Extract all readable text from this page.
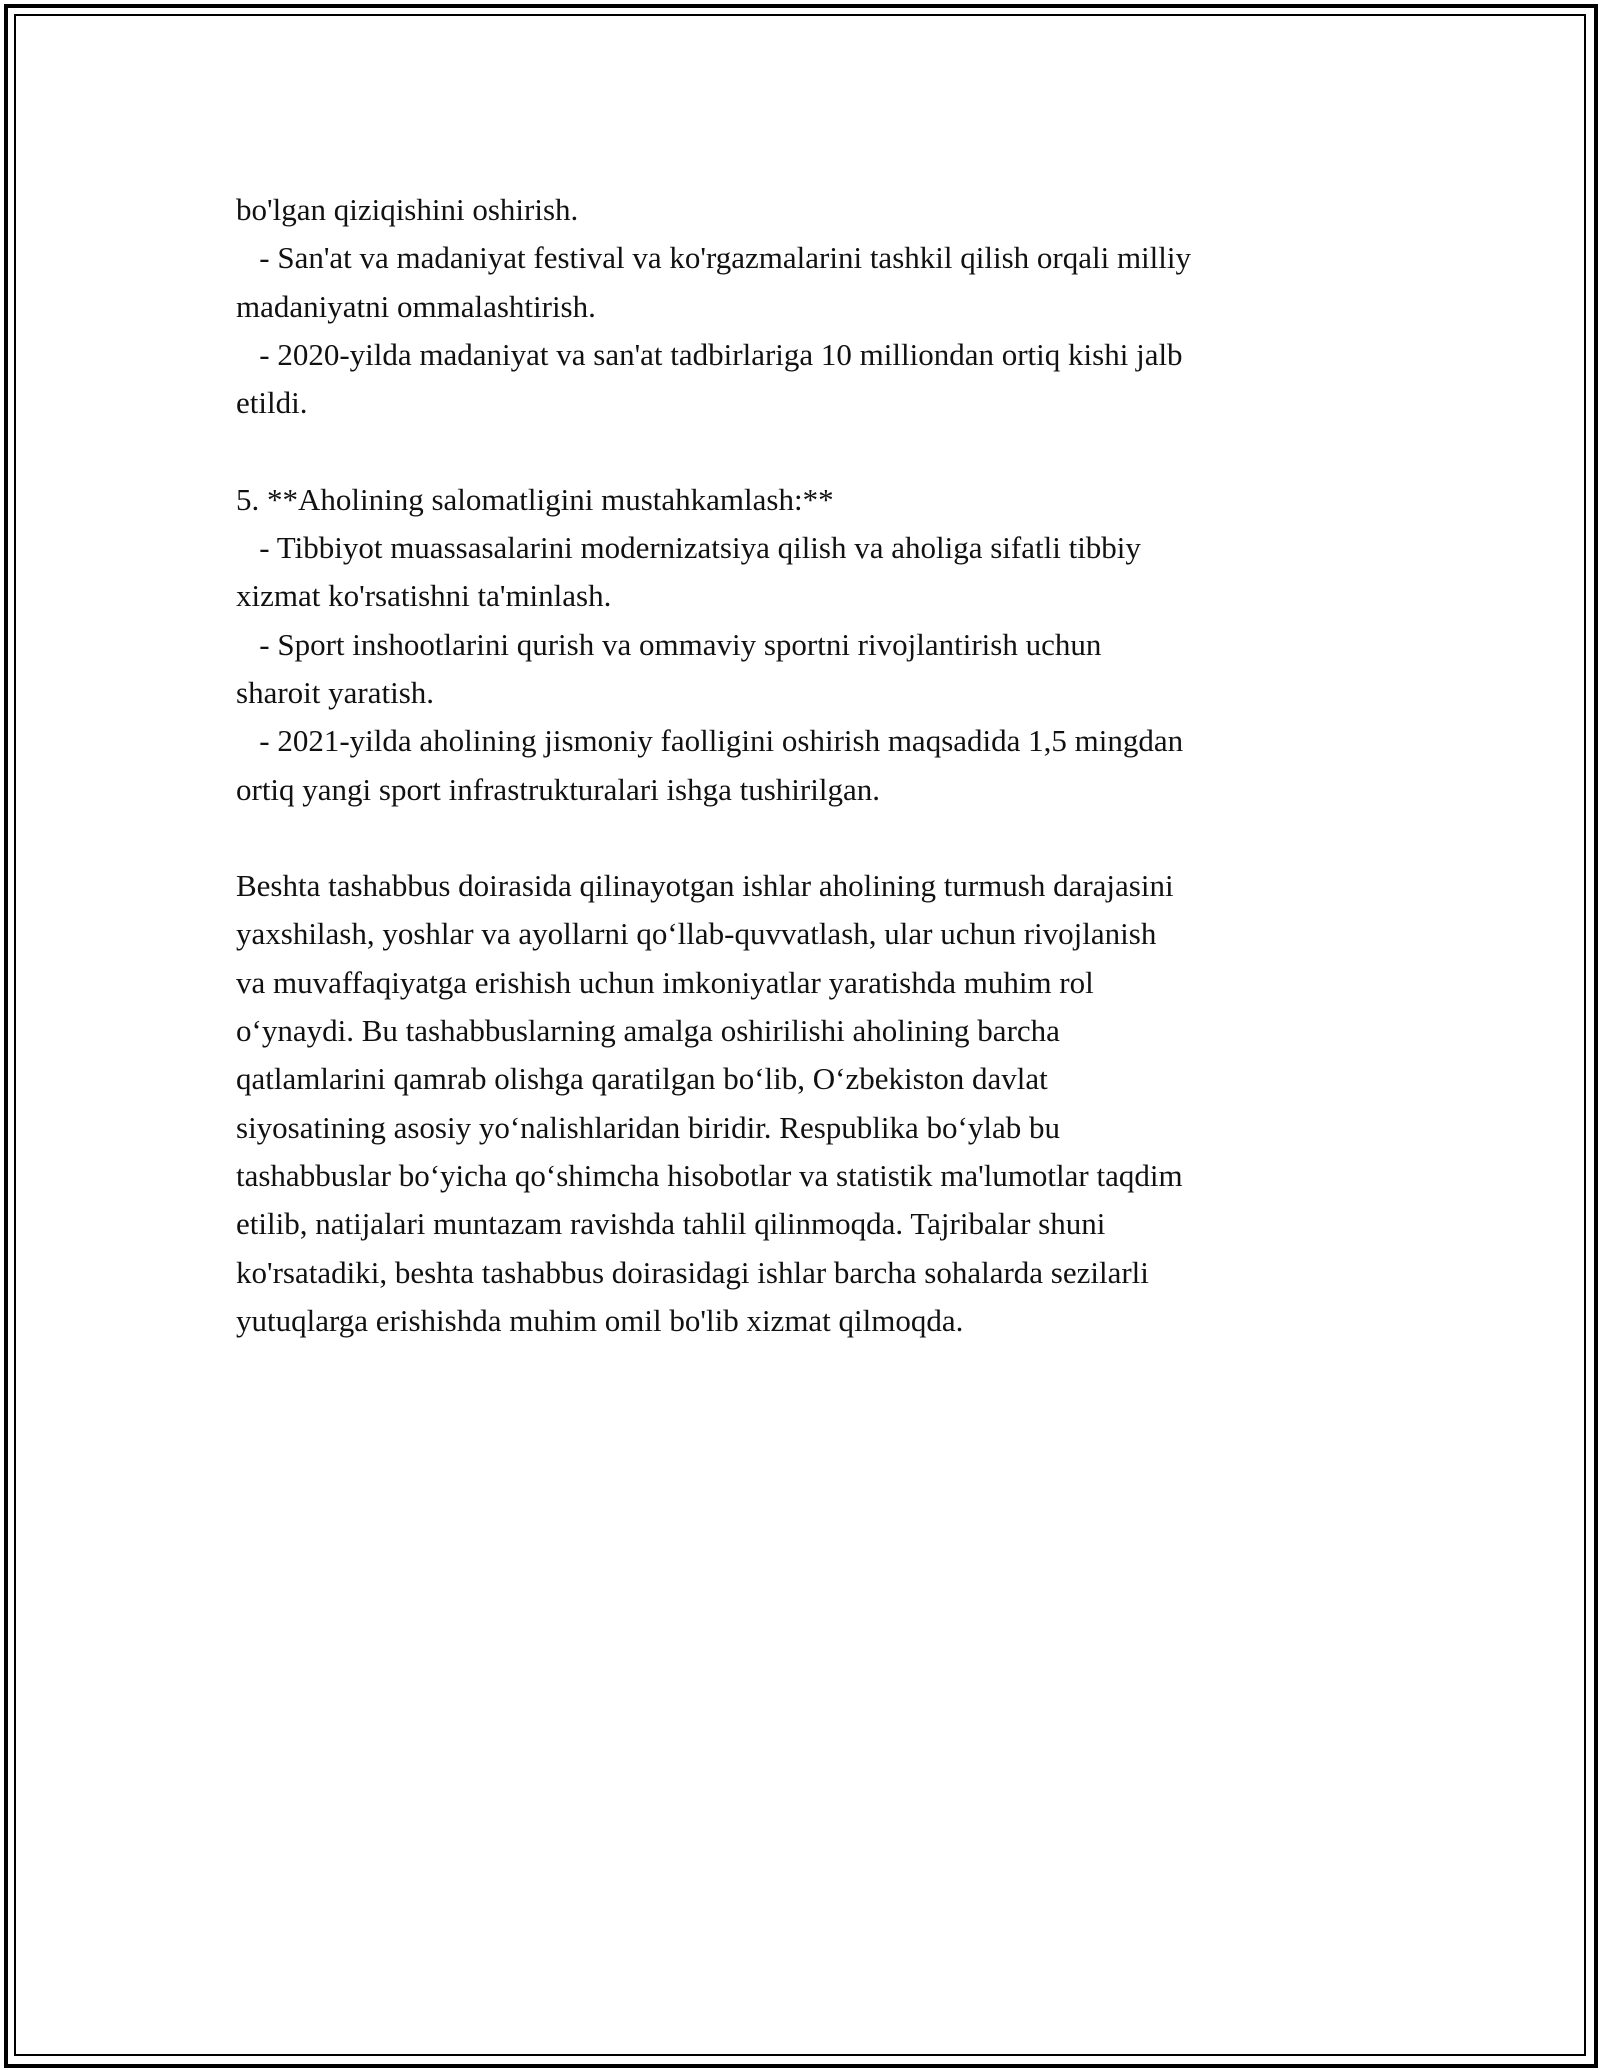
bo'lgan qiziqishini oshirish.
- San'at va madaniyat festival va ko'rgazmalarini tashkil qilish orqali milliy
madaniyatni ommalashtirish.
- 2020-yilda madaniyat va san'at tadbirlariga 10 milliondan ortiq kishi jalb
etildi.
5. **Aholining salomatligini mustahkamlash:**
- Tibbiyot muassasalarini modernizatsiya qilish va aholiga sifatli tibbiy
xizmat ko'rsatishni ta'minlash.
- Sport inshootlarini qurish va ommaviy sportni rivojlantirish uchun
sharoit yaratish.
- 2021-yilda aholining jismoniy faolligini oshirish maqsadida 1,5 mingdan
ortiq yangi sport infrastrukturalari ishga tushirilgan.
Beshta tashabbus doirasida qilinayotgan ishlar aholining turmush darajasini
yaxshilash, yoshlar va ayollarni qo‘llab-quvvatlash, ular uchun rivojlanish
va muvaffaqiyatga erishish uchun imkoniyatlar yaratishda muhim rol
o‘ynaydi. Bu tashabbuslarning amalga oshirilishi aholining barcha
qatlamlarini qamrab olishga qaratilgan bo‘lib, O‘zbekiston davlat
siyosatining asosiy yo‘nalishlaridan biridir. Respublika bo‘ylab bu
tashabbuslar bo‘yicha qo‘shimcha hisobotlar va statistik ma'lumotlar taqdim
etilib, natijalari muntazam ravishda tahlil qilinmoqda. Tajribalar shuni
ko'rsatadiki, beshta tashabbus doirasidagi ishlar barcha sohalarda sezilarli
yutuqlarga erishishda muhim omil bo'lib xizmat qilmoqda.
